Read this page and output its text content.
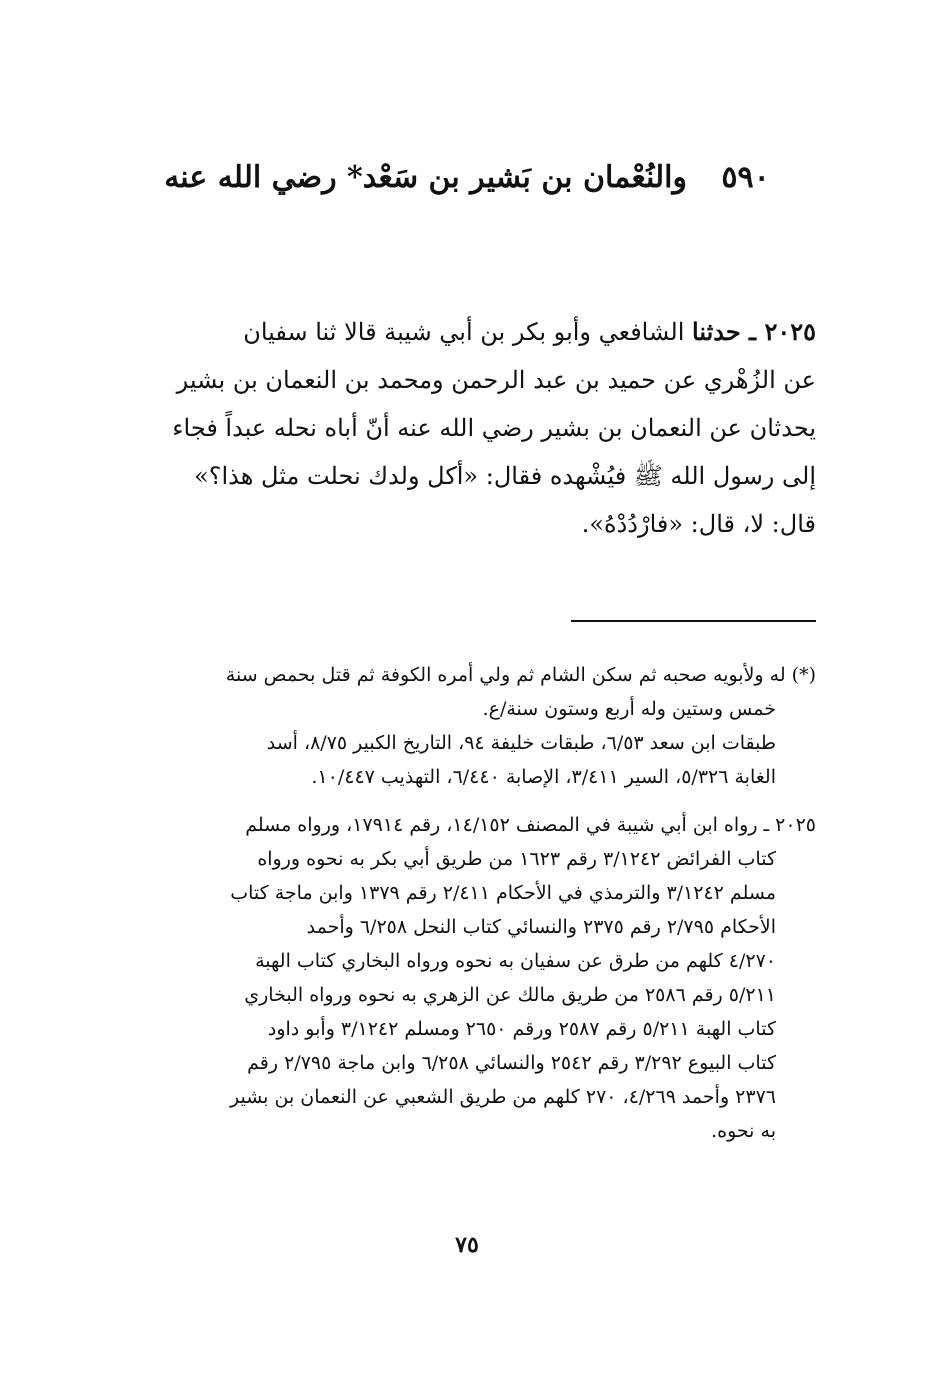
٥٩٠ والنُعْمان بن بَشير بن سَعْد* رضي الله عنه
٢٠٢٥ ـ حدثنا الشافعي وأبو بكر بن أبي شيبة قالا ثنا سفيان
عن الزُهْري عن حميد بن عبد الرحمن ومحمد بن النعمان بن بشير
يحدثان عن النعمان بن بشير رضي الله عنه أنّ أباه نحله عبداً فجاء
إلى رسول الله ﷺ فيُشْهده فقال: «أكل ولدك نحلت مثل هذا؟»
قال: لا، قال: «فارْدُدْهُ».
(*) له ولأبويه صحبه ثم سكن الشام ثم ولي أمره الكوفة ثم قتل بحمص سنة
خمس وستين وله أربع وستون سنة/ع.
طبقات ابن سعد ٦/٥٣، طبقات خليفة ٩٤، التاريخ الكبير ٨/٧٥، أسد
الغابة ٥/٣٢٦، السير ٣/٤١١، الإصابة ٦/٤٤٠، التهذيب ١٠/٤٤٧.
٢٠٢٥ ـ رواه ابن أبي شيبة في المصنف ١٤/١٥٢، رقم ١٧٩١٤، ورواه مسلم
كتاب الفرائض ٣/١٢٤٢ رقم ١٦٢٣ من طريق أبي بكر به نحوه ورواه
مسلم ٣/١٢٤٢ والترمذي في الأحكام ٢/٤١١ رقم ١٣٧٩ وابن ماجة كتاب
الأحكام ٢/٧٩٥ رقم ٢٣٧٥ والنسائي كتاب النحل ٦/٢٥٨ وأحمد
٤/٢٧٠ كلهم من طرق عن سفيان به نحوه ورواه البخاري كتاب الهبة
٥/٢١١ رقم ٢٥٨٦ من طريق مالك عن الزهري به نحوه ورواه البخاري
كتاب الهبة ٥/٢١١ رقم ٢٥٨٧ ورقم ٢٦٥٠ ومسلم ٣/١٢٤٢ وأبو داود
كتاب البيوع ٣/٢٩٢ رقم ٢٥٤٢ والنسائي ٦/٢٥٨ وابن ماجة ٢/٧٩٥ رقم
٢٣٧٦ وأحمد ٤/٢٦٩، ٢٧٠ كلهم من طريق الشعبي عن النعمان بن بشير
به نحوه.
٧٥
